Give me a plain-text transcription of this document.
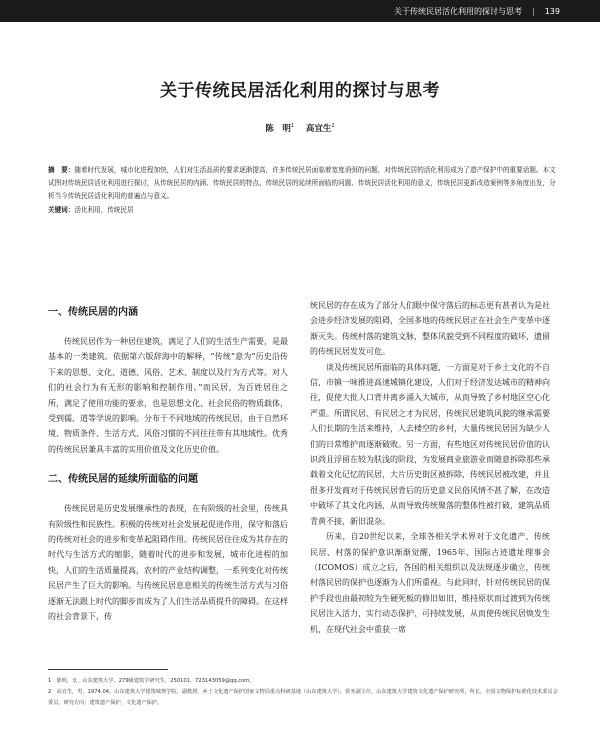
关于传统民居活化利用的探讨与思考 | 139
关于传统民居活化利用的探讨与思考
陈　明$^1$ 高宜生$^2$
摘　要：随着时代发展，城市化进程加快，人们对生活品质的要求逐渐提高，许多传统民居面临着宽度消弭的问题，对传统民居的活化利用成为了遗产保护中的重要话题。本文试图对传统民居活化利用进行探讨，从传统民居的内涵、传统民居的特点、传统民居的延续所面临的问题、传统民居活化利用的意义，传统民居更新改造案例等多角度出发，分析当今传统民居活化利用的普遍点与意义。
关键词：活化利用，传统民居
一、传统民居的内涵

传统民居作为一种居住建筑，满足了人们的生活生产需要，是最基本的一类建筑。依据第六版辞海中的解释，“传统”意为“历史沿传下来的思想、文化、道德、风俗、艺术、制度以及行为方式等。对人们的社会行为有无形的影响和控制作用。”而民居，为百姓居住之所，满足了使用功能的要求，也是思想文化、社会民俗的物质载体，受到儒、道等学说的影响。分布于不同地域的传统民居，由于自然环境、物质条件、生活方式、风俗习惯的不同往往带有其地域性。优秀的传统民居兼具丰富的实用价值及文化历史价值。

二、传统民居的延续所面临的问题

传统民居是历史发展继承性的表现，在有阶级的社会里，传统具有阶级性和民族性。积极的传统对社会发展起促进作用，保守和落后的传统对社会的进步和变革起阻碍作用。传统民居往往成为其存在的时代与生活方式的缩影，随着时代的进步和发展，城市化进程的加快，人们的生活质量提高，农村的产业结构调整，一系列变化对传统民居产生了巨大的影响。与传统民居息息相关的传统生活方式与习俗逐渐无法跟上时代的脚步而成为了人们生活品质提升的障碍。在这样的社会背景下，传

统民居的存在成为了部分人们眼中保守落后的标志更有甚者认为是社会进步经济发展的阻碍，全国多地的传统民居正在社会生产变革中逐渐灭失。传统村落的建筑文脉，整体风貌受到不同程度的破坏，遗留的传统民居发发可危。

谈及传统民居所面临的具体问题，一方面是对于乡土文化的不自信，市镇一味推进高速城镇化建设，人们对于经济发达城市的精神向往，促使大批人口背井离乡涌入大城市，从而导致了乡村地区空心化严重。所谓民居、有民居之才为民居，传统民居建筑风貌的继承需要人们长期的生活来维持，人去楼空的乡村，大量传统民居因为缺少人们的日常维护而逐渐破败。另一方面，有些地区对传统民居价值的认识尚且浮留在较为肤浅的阶段，为发展商业旅游业而随意拆除那些承载着文化记忆的民居，大片历史街区被拆除，传统民居被改建，并且很多开发商对于传统民居背后的历史意义民俗风情不甚了解，在改造中破坏了其文化内涵，从而导致传统聚落的整体性被打破，建筑品质青黄不接，新旧混杂。

历来，自20世纪以来，全球各相关学术界对于文化遗产、传统民居、村落的保护意识渐渐觉醒，1965年，国际古迹遗址理事会（ICOMOS）成立之后，各国的相关组织以及法规逐步确立，传统村落民居的保护也逐渐为人们所重视。与此同时，针对传统民居的保护手段也由最初较为生硬死板的修旧如旧，维持原状而过渡到为传统民居注入活力，实行动态保护、可持续发展，从而使传统民居焕发生机，在现代社会中重获一席

1　陈明，女，山东建筑大学，279级建筑学研究生，250101，723143059@qq.com。
2　高宜生，男，1974.04，山东建筑大学建筑城规学院，副教授，乡土文化遗产保护国家文物局重点科研基地（山东建筑大学），常务副主任，山东建筑大学建筑文化遗产保护研究所，所长，全国文物保护标准化技术委员会委员，研究方向：建筑遗产保护，文化遗产保护。
